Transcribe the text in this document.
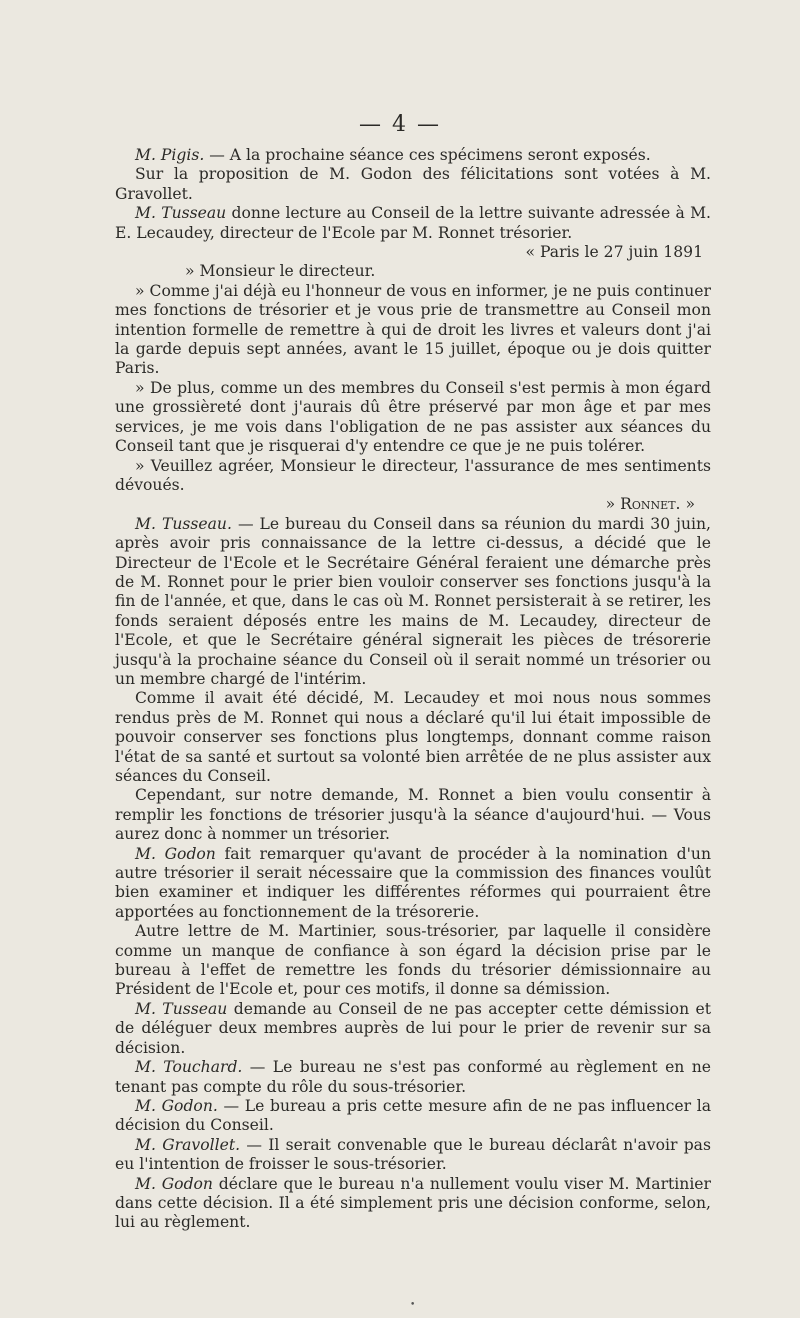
— 4 —

M. Pigis. — A la prochaine séance ces spécimens seront exposés.

Sur la proposition de M. Godon des félicitations sont votées à M. Gravollet.

M. Tusseau donne lecture au Conseil de la lettre suivante adressée à M. E. Lecaudey, directeur de l'Ecole par M. Ronnet trésorier.

« Paris le 27 juin 1891

» Monsieur le directeur.

» Comme j'ai déjà eu l'honneur de vous en informer, je ne puis continuer mes fonctions de trésorier et je vous prie de transmettre au Conseil mon intention formelle de remettre à qui de droit les livres et valeurs dont j'ai la garde depuis sept années, avant le 15 juillet, époque ou je dois quitter Paris.

» De plus, comme un des membres du Conseil s'est permis à mon égard une grossièreté dont j'aurais dû être préservé par mon âge et par mes services, je me vois dans l'obligation de ne pas assister aux séances du Conseil tant que je risquerai d'y entendre ce que je ne puis tolérer.

» Veuillez agréer, Monsieur le directeur, l'assurance de mes sentiments dévoués.

» Ronnet. »

M. Tusseau. — Le bureau du Conseil dans sa réunion du mardi 30 juin, après avoir pris connaissance de la lettre ci-dessus, a décidé que le Directeur de l'Ecole et le Secrétaire Général feraient une démarche près de M. Ronnet pour le prier bien vouloir conserver ses fonctions jusqu'à la fin de l'année, et que, dans le cas où M. Ronnet persisterait à se retirer, les fonds seraient déposés entre les mains de M. Lecaudey, directeur de l'Ecole, et que le Secrétaire général signerait les pièces de trésorerie jusqu'à la prochaine séance du Conseil où il serait nommé un trésorier ou un membre chargé de l'intérim.

Comme il avait été décidé, M. Lecaudey et moi nous nous sommes rendus près de M. Ronnet qui nous a déclaré qu'il lui était impossible de pouvoir conserver ses fonctions plus longtemps, donnant comme raison l'état de sa santé et surtout sa volonté bien arrêtée de ne plus assister aux séances du Conseil.

Cependant, sur notre demande, M. Ronnet a bien voulu consentir à remplir les fonctions de trésorier jusqu'à la séance d'aujourd'hui. — Vous aurez donc à nommer un trésorier.

M. Godon fait remarquer qu'avant de procéder à la nomination d'un autre trésorier il serait nécessaire que la commission des finances voulût bien examiner et indiquer les différentes réformes qui pourraient être apportées au fonctionnement de la trésorerie.

Autre lettre de M. Martinier, sous-trésorier, par laquelle il considère comme un manque de confiance à son égard la décision prise par le bureau à l'effet de remettre les fonds du trésorier démissionnaire au Président de l'Ecole et, pour ces motifs, il donne sa démission.

M. Tusseau demande au Conseil de ne pas accepter cette démission et de déléguer deux membres auprès de lui pour le prier de revenir sur sa décision.

M. Touchard. — Le bureau ne s'est pas conformé au règlement en ne tenant pas compte du rôle du sous-trésorier.

M. Godon. — Le bureau a pris cette mesure afin de ne pas influencer la décision du Conseil.

M. Gravollet. — Il serait convenable que le bureau déclarât n'avoir pas eu l'intention de froisser le sous-trésorier.

M. Godon déclare que le bureau n'a nullement voulu viser M. Martinier dans cette décision. Il a été simplement pris une décision conforme, selon, lui au règlement.

•
